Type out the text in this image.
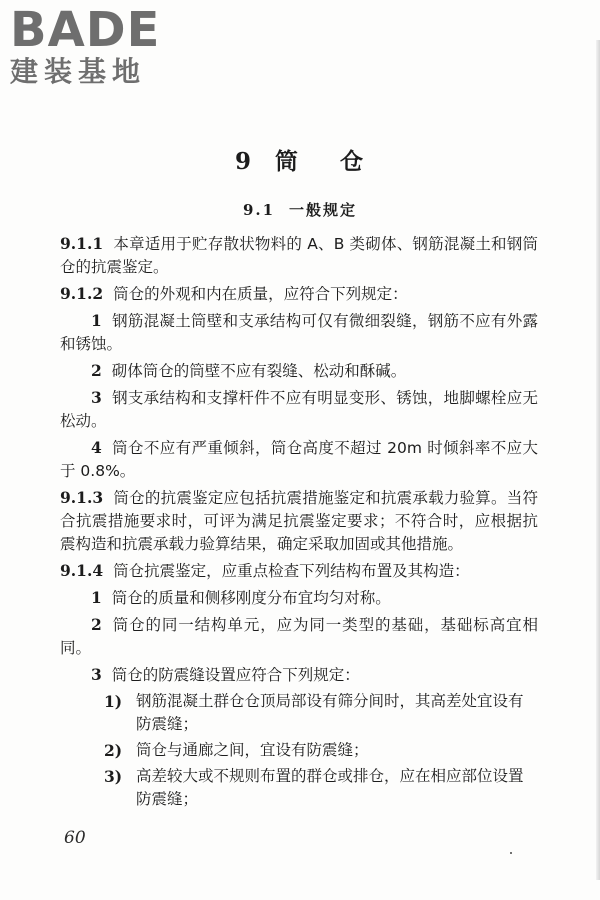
BADE
建装基地
9 筒 仓
9.1 一般规定

9.1.1 本章适用于贮存散状物料的 A、B 类砌体、钢筋混凝土和钢筒仓的抗震鉴定。

9.1.2 筒仓的外观和内在质量，应符合下列规定：

1 钢筋混凝土筒壁和支承结构可仅有微细裂缝，钢筋不应有外露和锈蚀。

2 砌体筒仓的筒壁不应有裂缝、松动和酥碱。

3 钢支承结构和支撑杆件不应有明显变形、锈蚀，地脚螺栓应无松动。

4 筒仓不应有严重倾斜，筒仓高度不超过 20m 时倾斜率不应大于 0.8%。

9.1.3 筒仓的抗震鉴定应包括抗震措施鉴定和抗震承载力验算。当符合抗震措施要求时，可评为满足抗震鉴定要求；不符合时，应根据抗震构造和抗震承载力验算结果，确定采取加固或其他措施。

9.1.4 筒仓抗震鉴定，应重点检查下列结构布置及其构造：

1 筒仓的质量和侧移刚度分布宜均匀对称。

2 筒仓的同一结构单元，应为同一类型的基础，基础标高宜相同。

3 筒仓的防震缝设置应符合下列规定：

1) 钢筋混凝土群仓仓顶局部设有筛分间时，其高差处宜设有防震缝；

2) 筒仓与通廊之间，宜设有防震缝；

3) 高差较大或不规则布置的群仓或排仓，应在相应部位设置防震缝；

60
